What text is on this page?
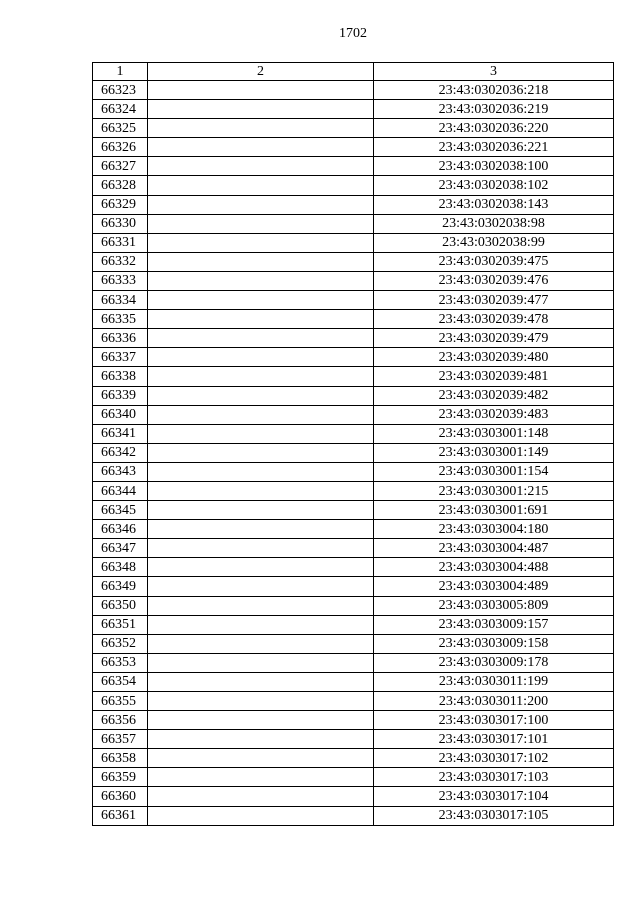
1702
1	2	3
66323		23:43:0302036:218
66324		23:43:0302036:219
66325		23:43:0302036:220
66326		23:43:0302036:221
66327		23:43:0302038:100
66328		23:43:0302038:102
66329		23:43:0302038:143
66330		23:43:0302038:98
66331		23:43:0302038:99
66332		23:43:0302039:475
66333		23:43:0302039:476
66334		23:43:0302039:477
66335		23:43:0302039:478
66336		23:43:0302039:479
66337		23:43:0302039:480
66338		23:43:0302039:481
66339		23:43:0302039:482
66340		23:43:0302039:483
66341		23:43:0303001:148
66342		23:43:0303001:149
66343		23:43:0303001:154
66344		23:43:0303001:215
66345		23:43:0303001:691
66346		23:43:0303004:180
66347		23:43:0303004:487
66348		23:43:0303004:488
66349		23:43:0303004:489
66350		23:43:0303005:809
66351		23:43:0303009:157
66352		23:43:0303009:158
66353		23:43:0303009:178
66354		23:43:0303011:199
66355		23:43:0303011:200
66356		23:43:0303017:100
66357		23:43:0303017:101
66358		23:43:0303017:102
66359		23:43:0303017:103
66360		23:43:0303017:104
66361		23:43:0303017:105
